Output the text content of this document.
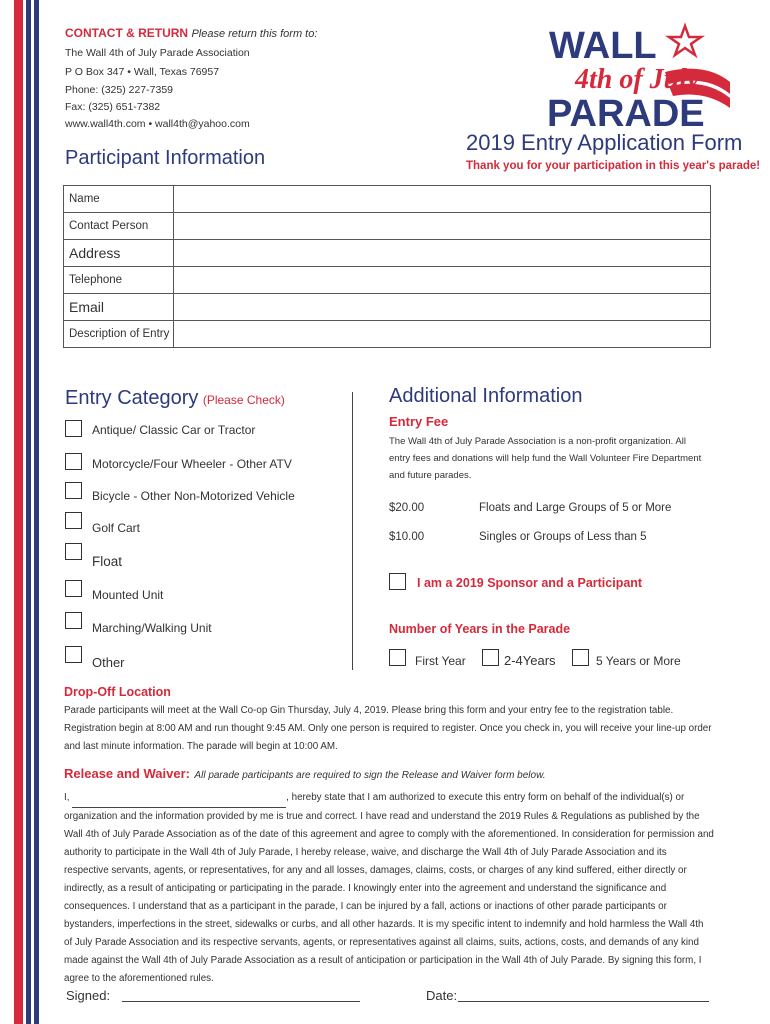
CONTACT & RETURN Please return this form to:
The Wall 4th of July Parade Association
P O Box 347 • Wall, Texas 76957
Phone: (325) 227-7359
Fax: (325) 651-7382
www.wall4th.com • wall4th@yahoo.com
WALL
4th of July
PARADE
2019 Entry Application Form
Thank you for your participation in this year's parade!
Participant Information
Name	
Contact Person	
Address	
Telephone	
Email	
Description of Entry	
Entry Category (Please Check)
Antique/ Classic Car or Tractor
Motorcycle/Four Wheeler - Other ATV
Bicycle - Other Non-Motorized Vehicle
Golf Cart
Float
Mounted Unit
Marching/Walking Unit
Other
Additional Information
Entry Fee
The Wall 4th of July Parade Association is a non-profit organization. All entry fees and donations will help fund the Wall Volunteer Fire Department and future parades.
$20.00	Floats and Large Groups of 5 or More
$10.00	Singles or Groups of Less than 5
I am a 2019 Sponsor and a Participant
Number of Years in the Parade
First Year	2-4Years	5 Years or More
Drop-Off Location
Parade participants will meet at the Wall Co-op Gin Thursday, July 4, 2019. Please bring this form and your entry fee to the registration table. Registration begin at 8:00 AM and run thought 9:45 AM. Only one person is required to register. Once you check in, you will receive your line-up order and last minute information. The parade will begin at 10:00 AM.
Release and Waiver: All parade participants are required to sign the Release and Waiver form below.
I,	, hereby state that I am authorized to execute this entry form on behalf of the individual(s) or organization and the information provided by me is true and correct. I have read and understand the 2019 Rules & Regulations as published by the Wall 4th of July Parade Association as of the date of this agreement and agree to comply with the aforementioned. In consideration for permission and authority to participate in the Wall 4th of July Parade, I hereby release, waive, and discharge the Wall 4th of July Parade Association and its respective servants, agents, or representatives, for any and all losses, damages, claims, costs, or charges of any kind suffered, either directly or indirectly, as a result of anticipating or participating in the parade. I knowingly enter into the agreement and understand the significance and consequences. I understand that as a participant in the parade, I can be injured by a fall, actions or inactions of other parade participants or bystanders, imperfections in the street, sidewalks or curbs, and all other hazards. It is my specific intent to indemnify and hold harmless the Wall 4th of July Parade Association and its respective servants, agents, or representatives against all claims, suits, actions, costs, and demands of any kind made against the Wall 4th of July Parade Association as a result of anticipation or participation in the Wall 4th of July Parade. By signing this form, I agree to the aforementioned rules.
Signed:	Date:
